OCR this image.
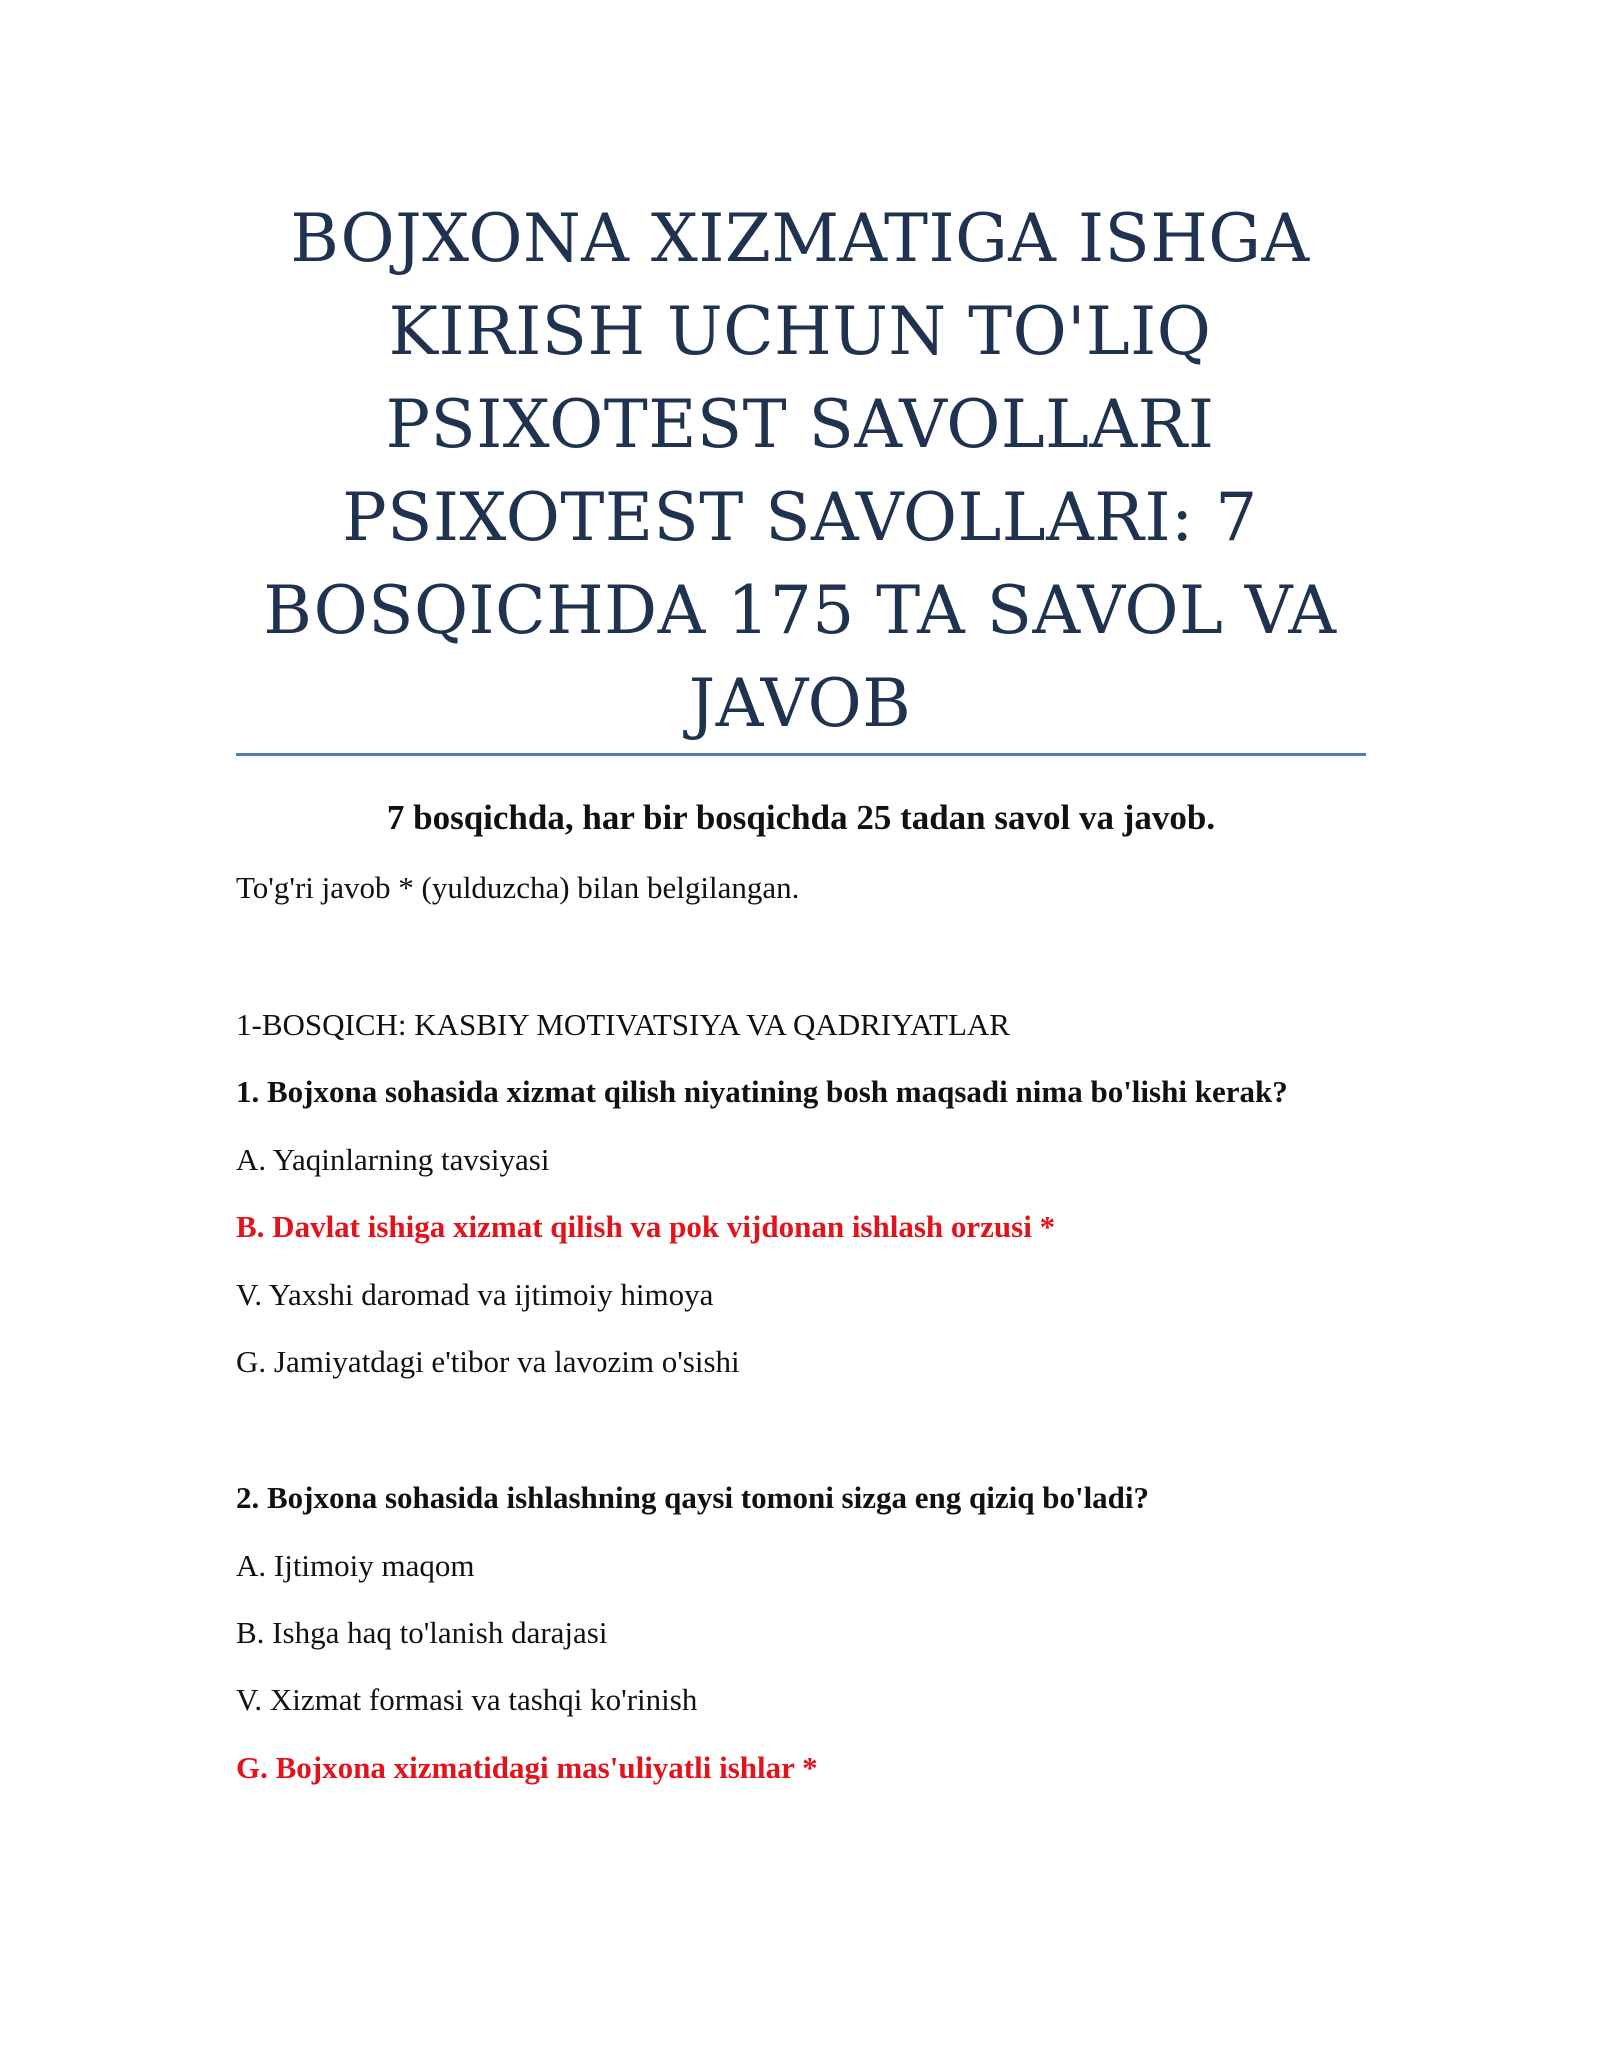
BOJXONA XIZMATIGA ISHGA
KIRISH UCHUN TO'LIQ
PSIXOTEST SAVOLLARI
PSIXOTEST SAVOLLARI: 7
BOSQICHDA 175 TA SAVOL VA
JAVOB
7 bosqichda, har bir bosqichda 25 tadan savol va javob.
To'g'ri javob * (yulduzcha) bilan belgilangan.
1-BOSQICH: KASBIY MOTIVATSIYA VA QADRIYATLAR
1. Bojxona sohasida xizmat qilish niyatining bosh maqsadi nima bo'lishi kerak?
A. Yaqinlarning tavsiyasi
B. Davlat ishiga xizmat qilish va pok vijdonan ishlash orzusi *
V. Yaxshi daromad va ijtimoiy himoya
G. Jamiyatdagi e'tibor va lavozim o'sishi
2. Bojxona sohasida ishlashning qaysi tomoni sizga eng qiziq bo'ladi?
A. Ijtimoiy maqom
B. Ishga haq to'lanish darajasi
V. Xizmat formasi va tashqi ko'rinish
G. Bojxona xizmatidagi mas'uliyatli ishlar *
